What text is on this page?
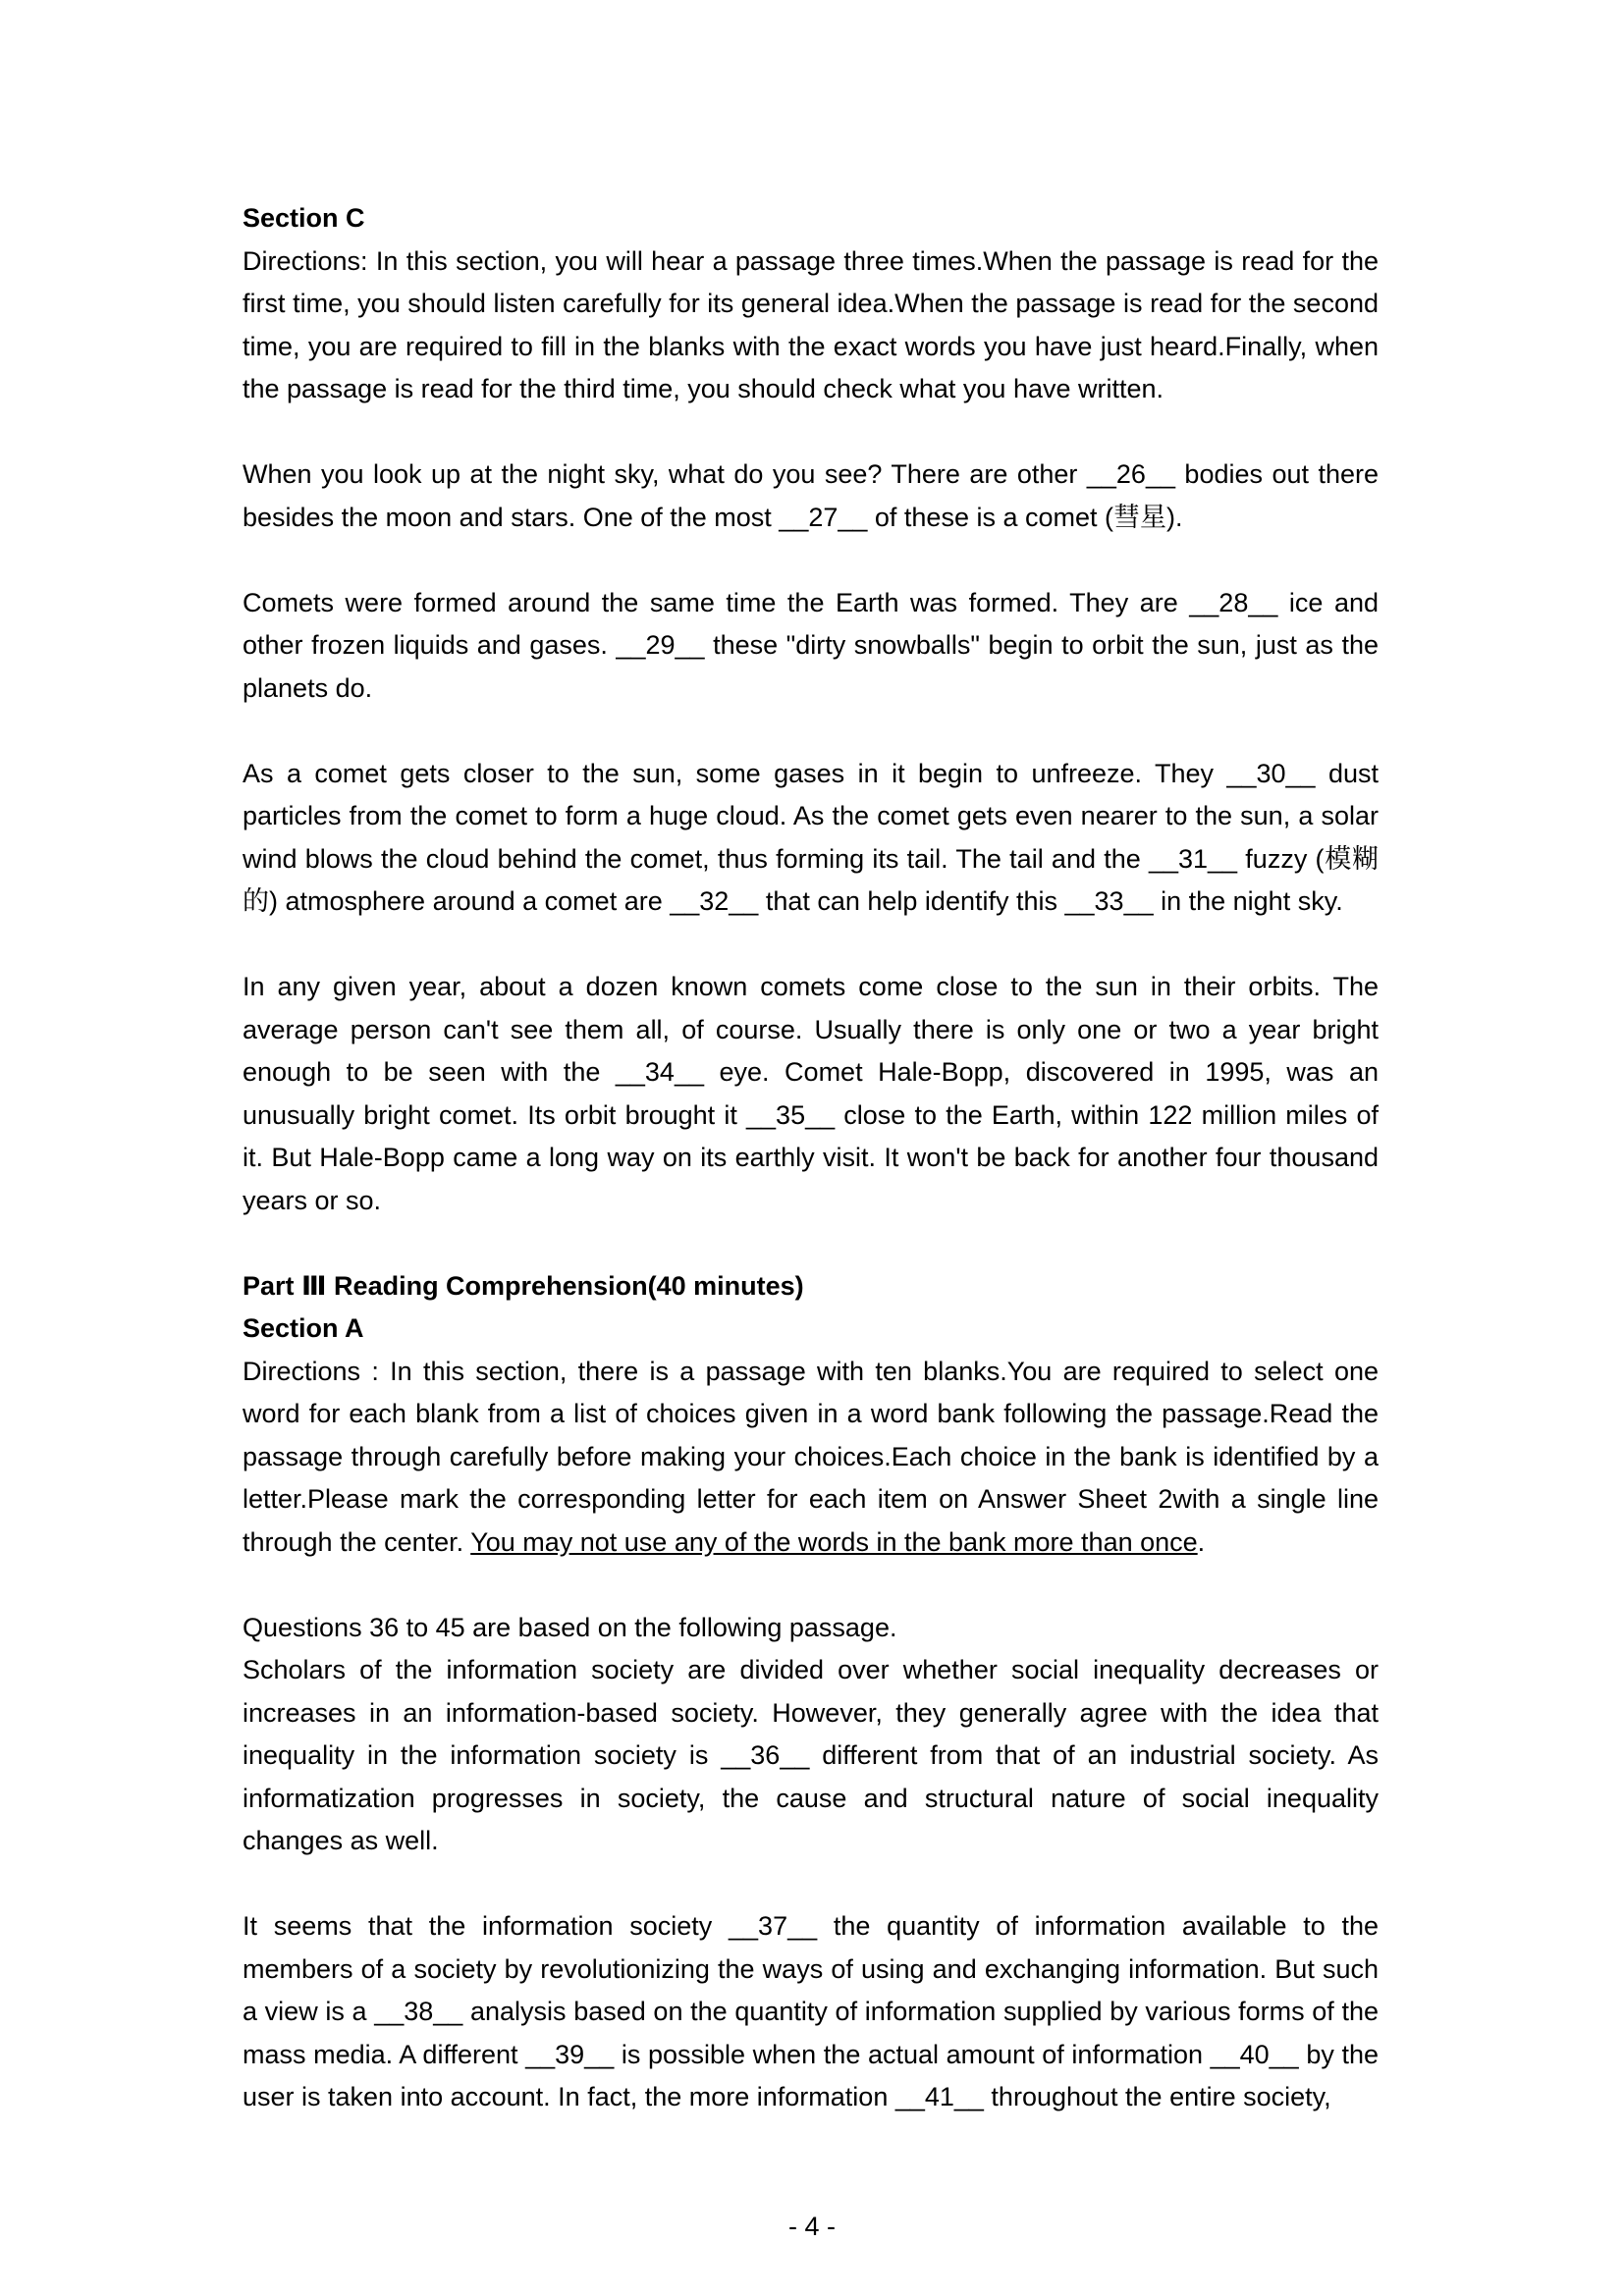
Section C

Directions: In this section, you will hear a passage three times.When the passage is read for the first time, you should listen carefully for its general idea.When the passage is read for the second time, you are required to fill in the blanks with the exact words you have just heard.Finally, when the passage is read for the third time, you should check what you have written.

When you look up at the night sky, what do you see? There are other __26__ bodies out there besides the moon and stars. One of the most __27__ of these is a comet (彗星).

Comets were formed around the same time the Earth was formed. They are __28__ ice and other frozen liquids and gases. __29__ these "dirty snowballs" begin to orbit the sun, just as the planets do.

As a comet gets closer to the sun, some gases in it begin to unfreeze. They __30__ dust particles from the comet to form a huge cloud. As the comet gets even nearer to the sun, a solar wind blows the cloud behind the comet, thus forming its tail. The tail and the __31__ fuzzy (模糊的) atmosphere around a comet are __32__ that can help identify this __33__ in the night sky.

In any given year, about a dozen known comets come close to the sun in their orbits. The average person can't see them all, of course. Usually there is only one or two a year bright enough to be seen with the __34__ eye. Comet Hale-Bopp, discovered in 1995, was an unusually bright comet. Its orbit brought it __35__ close to the Earth, within 122 million miles of it. But Hale-Bopp came a long way on its earthly visit. It won't be back for another four thousand years or so.

Part Ⅲ Reading Comprehension(40 minutes)
Section A

Directions : In this section, there is a passage with ten blanks.You are required to select one word for each blank from a list of choices given in a word bank following the passage.Read the passage through carefully before making your choices.Each choice in the bank is identified by a letter.Please mark the corresponding letter for each item on Answer Sheet 2with a single line through the center. You may not use any of the words in the bank more than once.

Questions 36 to 45 are based on the following passage.

Scholars of the information society are divided over whether social inequality decreases or increases in an information-based society. However, they generally agree with the idea that inequality in the information society is __36__ different from that of an industrial society. As informatization progresses in society, the cause and structural nature of social inequality changes as well.

It seems that the information society __37__ the quantity of information available to the members of a society by revolutionizing the ways of using and exchanging information. But such a view is a __38__ analysis based on the quantity of information supplied by various forms of the mass media. A different __39__ is possible when the actual amount of information __40__ by the user is taken into account. In fact, the more information __41__ throughout the entire society,

- 4 -
